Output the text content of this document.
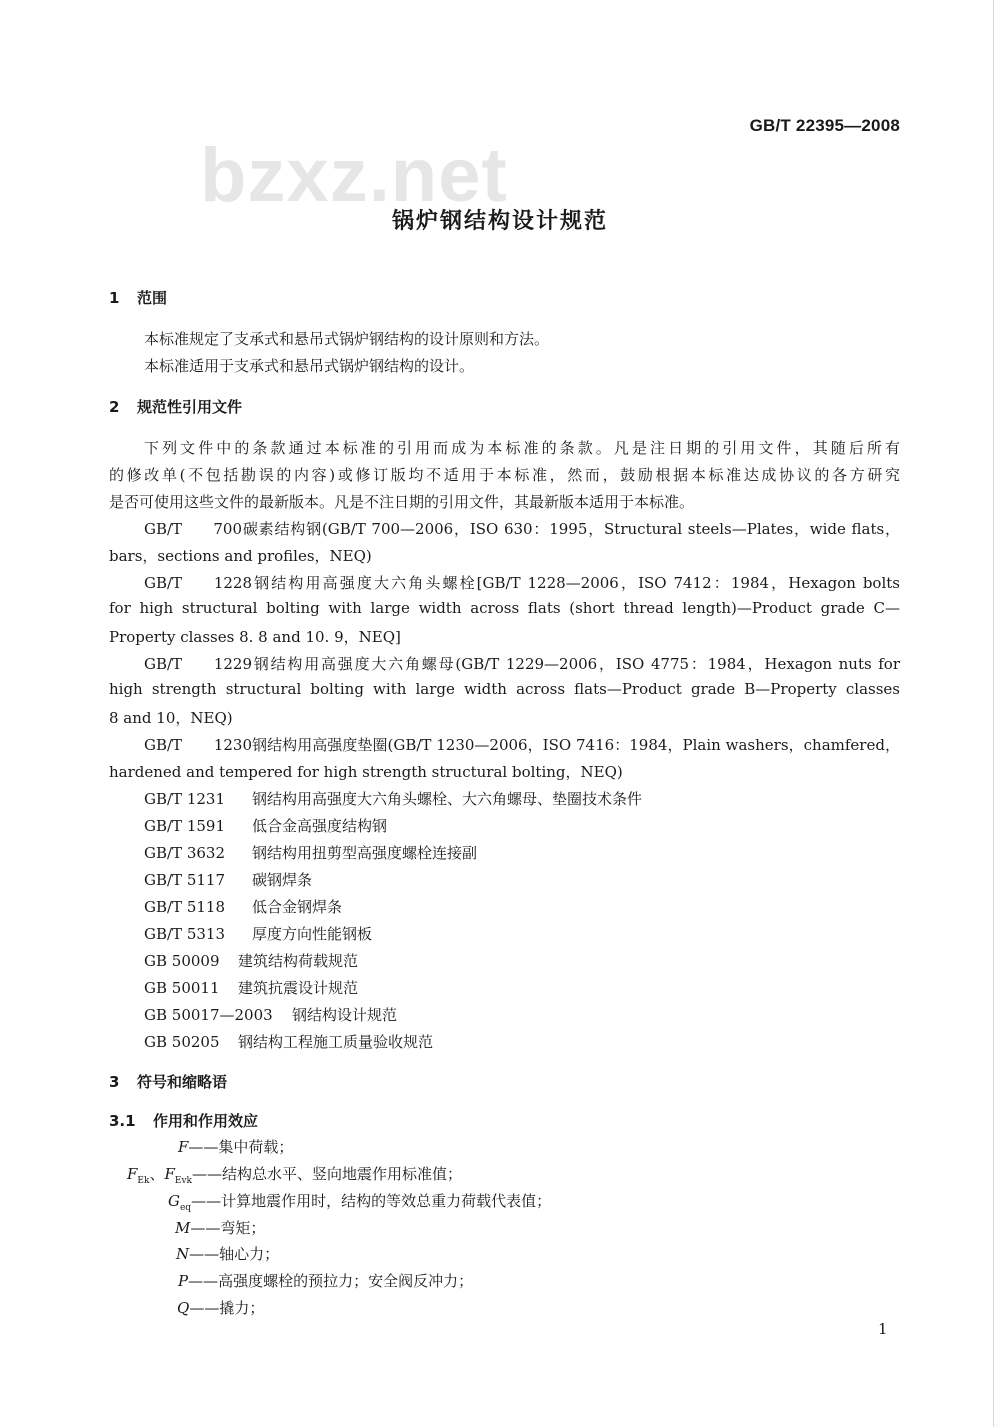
bzxz.net
GB/T 22395—2008
锅炉钢结构设计规范
1 范围
本标准规定了支承式和悬吊式锅炉钢结构的设计原则和方法。
本标准适用于支承式和悬吊式锅炉钢结构的设计。
2 规范性引用文件
下列文件中的条款通过本标准的引用而成为本标准的条款。凡是注日期的引用文件，其随后所有
的修改单(不包括勘误的内容)或修订版均不适用于本标准，然而，鼓励根据本标准达成协议的各方研究
是否可使用这些文件的最新版本。凡是不注日期的引用文件，其最新版本适用于本标准。
GB/T 700碳素结构钢(GB/T 700—2006，ISO 630：1995，Structural steels—Plates，wide flats，
bars，sections and profiles，NEQ)
GB/T 1228钢结构用高强度大六角头螺栓[GB/T 1228—2006，ISO 7412：1984，Hexagon bolts
for high structural bolting with large width across flats (short thread length)—Product grade C—
Property classes 8. 8 and 10. 9，NEQ]
GB/T 1229钢结构用高强度大六角螺母(GB/T 1229—2006，ISO 4775：1984，Hexagon nuts for
high strength structural bolting with large width across flats—Product grade B—Property classes
8 and 10，NEQ)
GB/T 1230钢结构用高强度垫圈(GB/T 1230—2006，ISO 7416：1984，Plain washers，chamfered，
hardened and tempered for high strength structural bolting，NEQ)
GB/T 1231 钢结构用高强度大六角头螺栓、大六角螺母、垫圈技术条件
GB/T 1591 低合金高强度结构钢
GB/T 3632 钢结构用扭剪型高强度螺栓连接副
GB/T 5117 碳钢焊条
GB/T 5118 低合金钢焊条
GB/T 5313 厚度方向性能钢板
GB 50009 建筑结构荷载规范
GB 50011 建筑抗震设计规范
GB 50017—2003 钢结构设计规范
GB 50205 钢结构工程施工质量验收规范
3 符号和缩略语
3.1 作用和作用效应
F——集中荷载；
$F_{Ek}$、$F_{Evk}——$结构总水平、竖向地震作用标准值；
$G_{eq}——$计算地震作用时，结构的等效总重力荷载代表值；
M——弯矩；
N——轴心力；
P——高强度螺栓的预拉力；安全阀反冲力；
Q——撬力；
1
